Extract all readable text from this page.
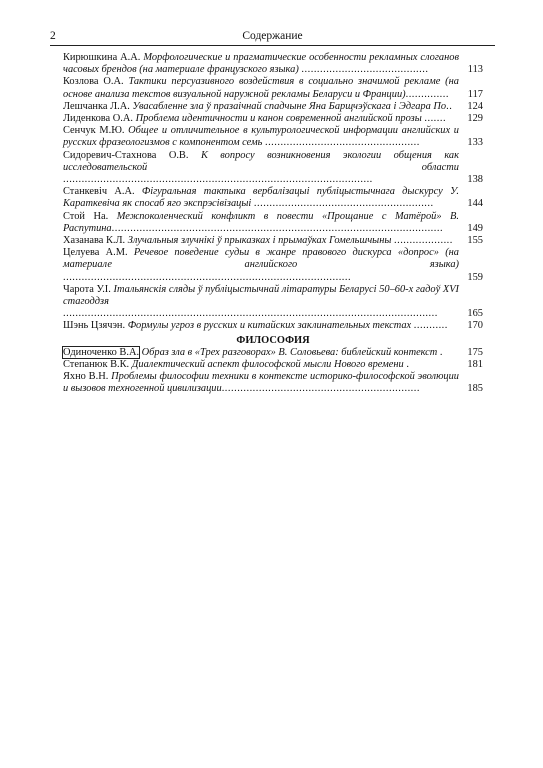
2	Содержание
Кирюшкина А.А. Морфологические и прагматические особенности рекламных слоганов часовых брендов (на материале французского языка) .........................................	113
Козлова О.А. Тактики персуазивного воздействия в социально значимой рекламе (на основе анализа текстов визуальной наружной рекламы Беларуси и Франции)..............	117
Лешчанка Л.А. Увасабленне зла ў празаічнай спадчыне Яна Барщчэўскага і Эдгара По..	124
Лиденкова О.А. Проблема идентичности и канон современной английской прозы .......	129
Сенчук М.Ю. Общее и отличительное в культурологической информации английских и русских фразеологизмов с компонентом семь ..................................................	133
Сидоревич-Стахнова О.В. К вопросу возникновения экологии общения как исследовательской области ....................................................................................................	138
Станкевіч А.А. Фігуральная тактыка вербалізацыі публіцыстычнага дыскурсу У. Караткевіча як спосаб яго экспрэсівізацыі ..........................................................	144
Стой На. Межпоколенческий конфликт в повести «Прощание с Матёрой» В. Распутина...........................................................................................................	149
Хазанава К.Л. Злучальныя злучнікі ў прыказках і прымаўках Гомельшчыны ...................	155
Целуева А.М. Речевое поведение судьи в жанре правового дискурса «допрос» (на материале английского языка) .............................................................................................	159
Чарота У.І. Італьянскія сляды ў публіцыстычнай літаратуры Беларусі 50–60-х гадоў XVI стагоддзя .........................................................................................................................	165
Шэнь Цзячэн. Формулы угроз в русских и китайских заклинательных текстах ...........	170
ФИЛОСОФИЯ
Одиноченко В.А. Образ зла в «Трех разговорах» В. Соловьева: библейский контекст .	175
Степанюк В.К. Диалектический аспект философской мысли Нового времени .	181
Яхно В.Н. Проблемы философии техники в контексте историко-философской эволюции и вызовов техногенной цивилизации................................................................	185
